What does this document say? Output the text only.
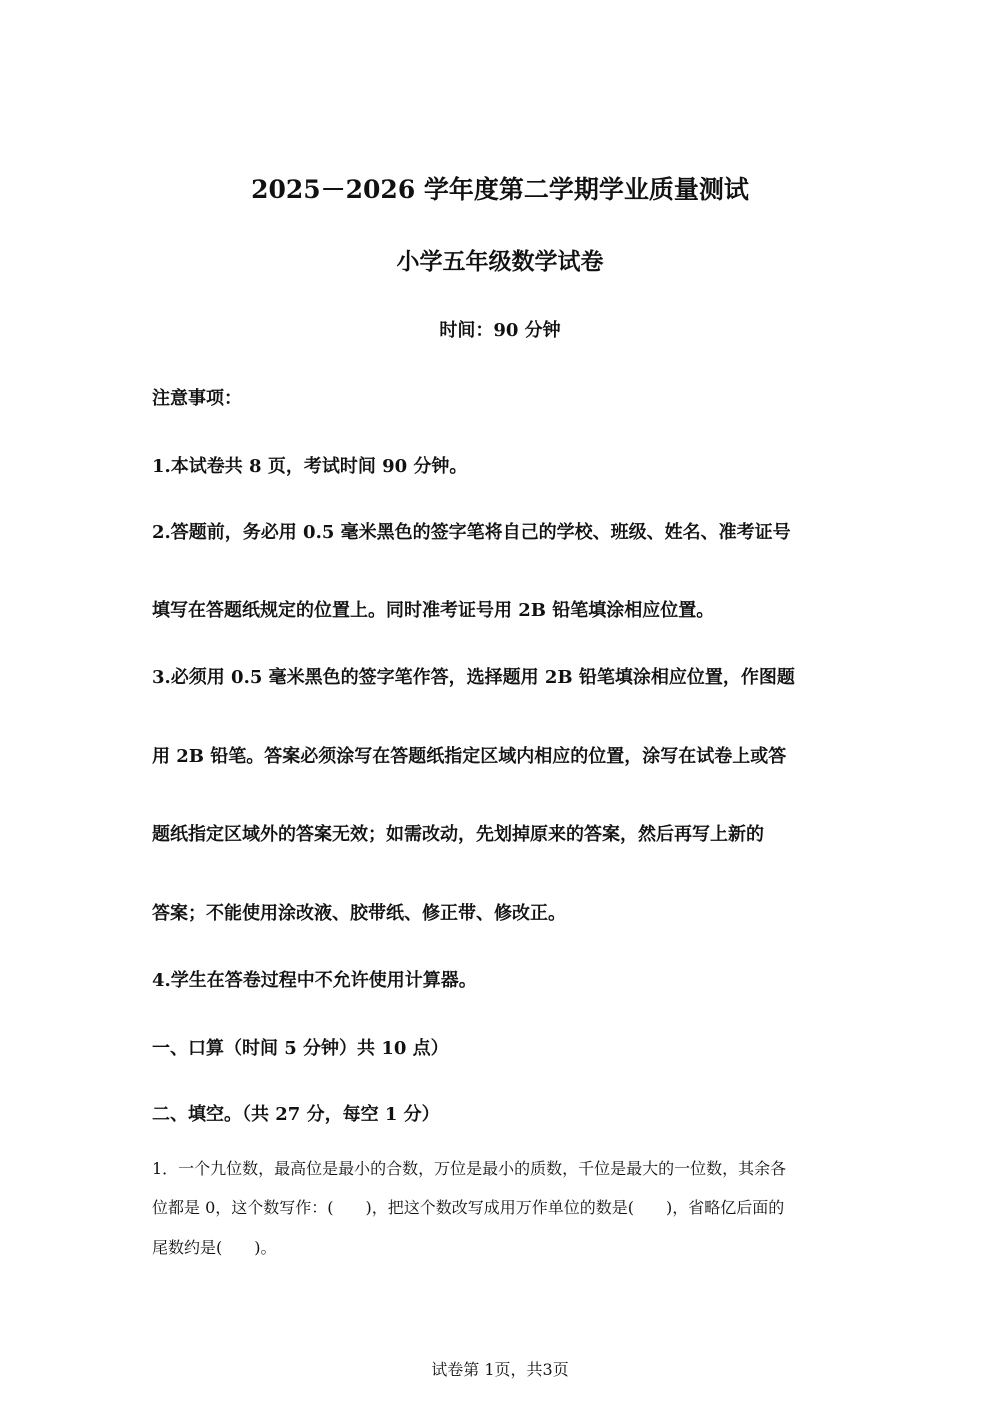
2025－2026 学年度第二学期学业质量测试
小学五年级数学试卷
时间：90 分钟
注意事项：
1.本试卷共 8 页，考试时间 90 分钟。
2.答题前，务必用 0.5 毫米黑色的签字笔将自己的学校、班级、姓名、准考证号
填写在答题纸规定的位置上。同时准考证号用 2B 铅笔填涂相应位置。
3.必须用 0.5 毫米黑色的签字笔作答，选择题用 2B 铅笔填涂相应位置，作图题
用 2B 铅笔。答案必须涂写在答题纸指定区域内相应的位置，涂写在试卷上或答
题纸指定区域外的答案无效；如需改动，先划掉原来的答案，然后再写上新的
答案；不能使用涂改液、胶带纸、修正带、修改正。
4.学生在答卷过程中不允许使用计算器。
一、口算（时间 5 分钟）共 10 点）
二、填空。（共 27 分，每空 1 分）
1．一个九位数，最高位是最小的合数，万位是最小的质数，千位是最大的一位数，其余各
位都是 0，这个数写作：(　　)，把这个数改写成用万作单位的数是(　　)，省略亿后面的
尾数约是(　　)。
试卷第 1页，共3页
